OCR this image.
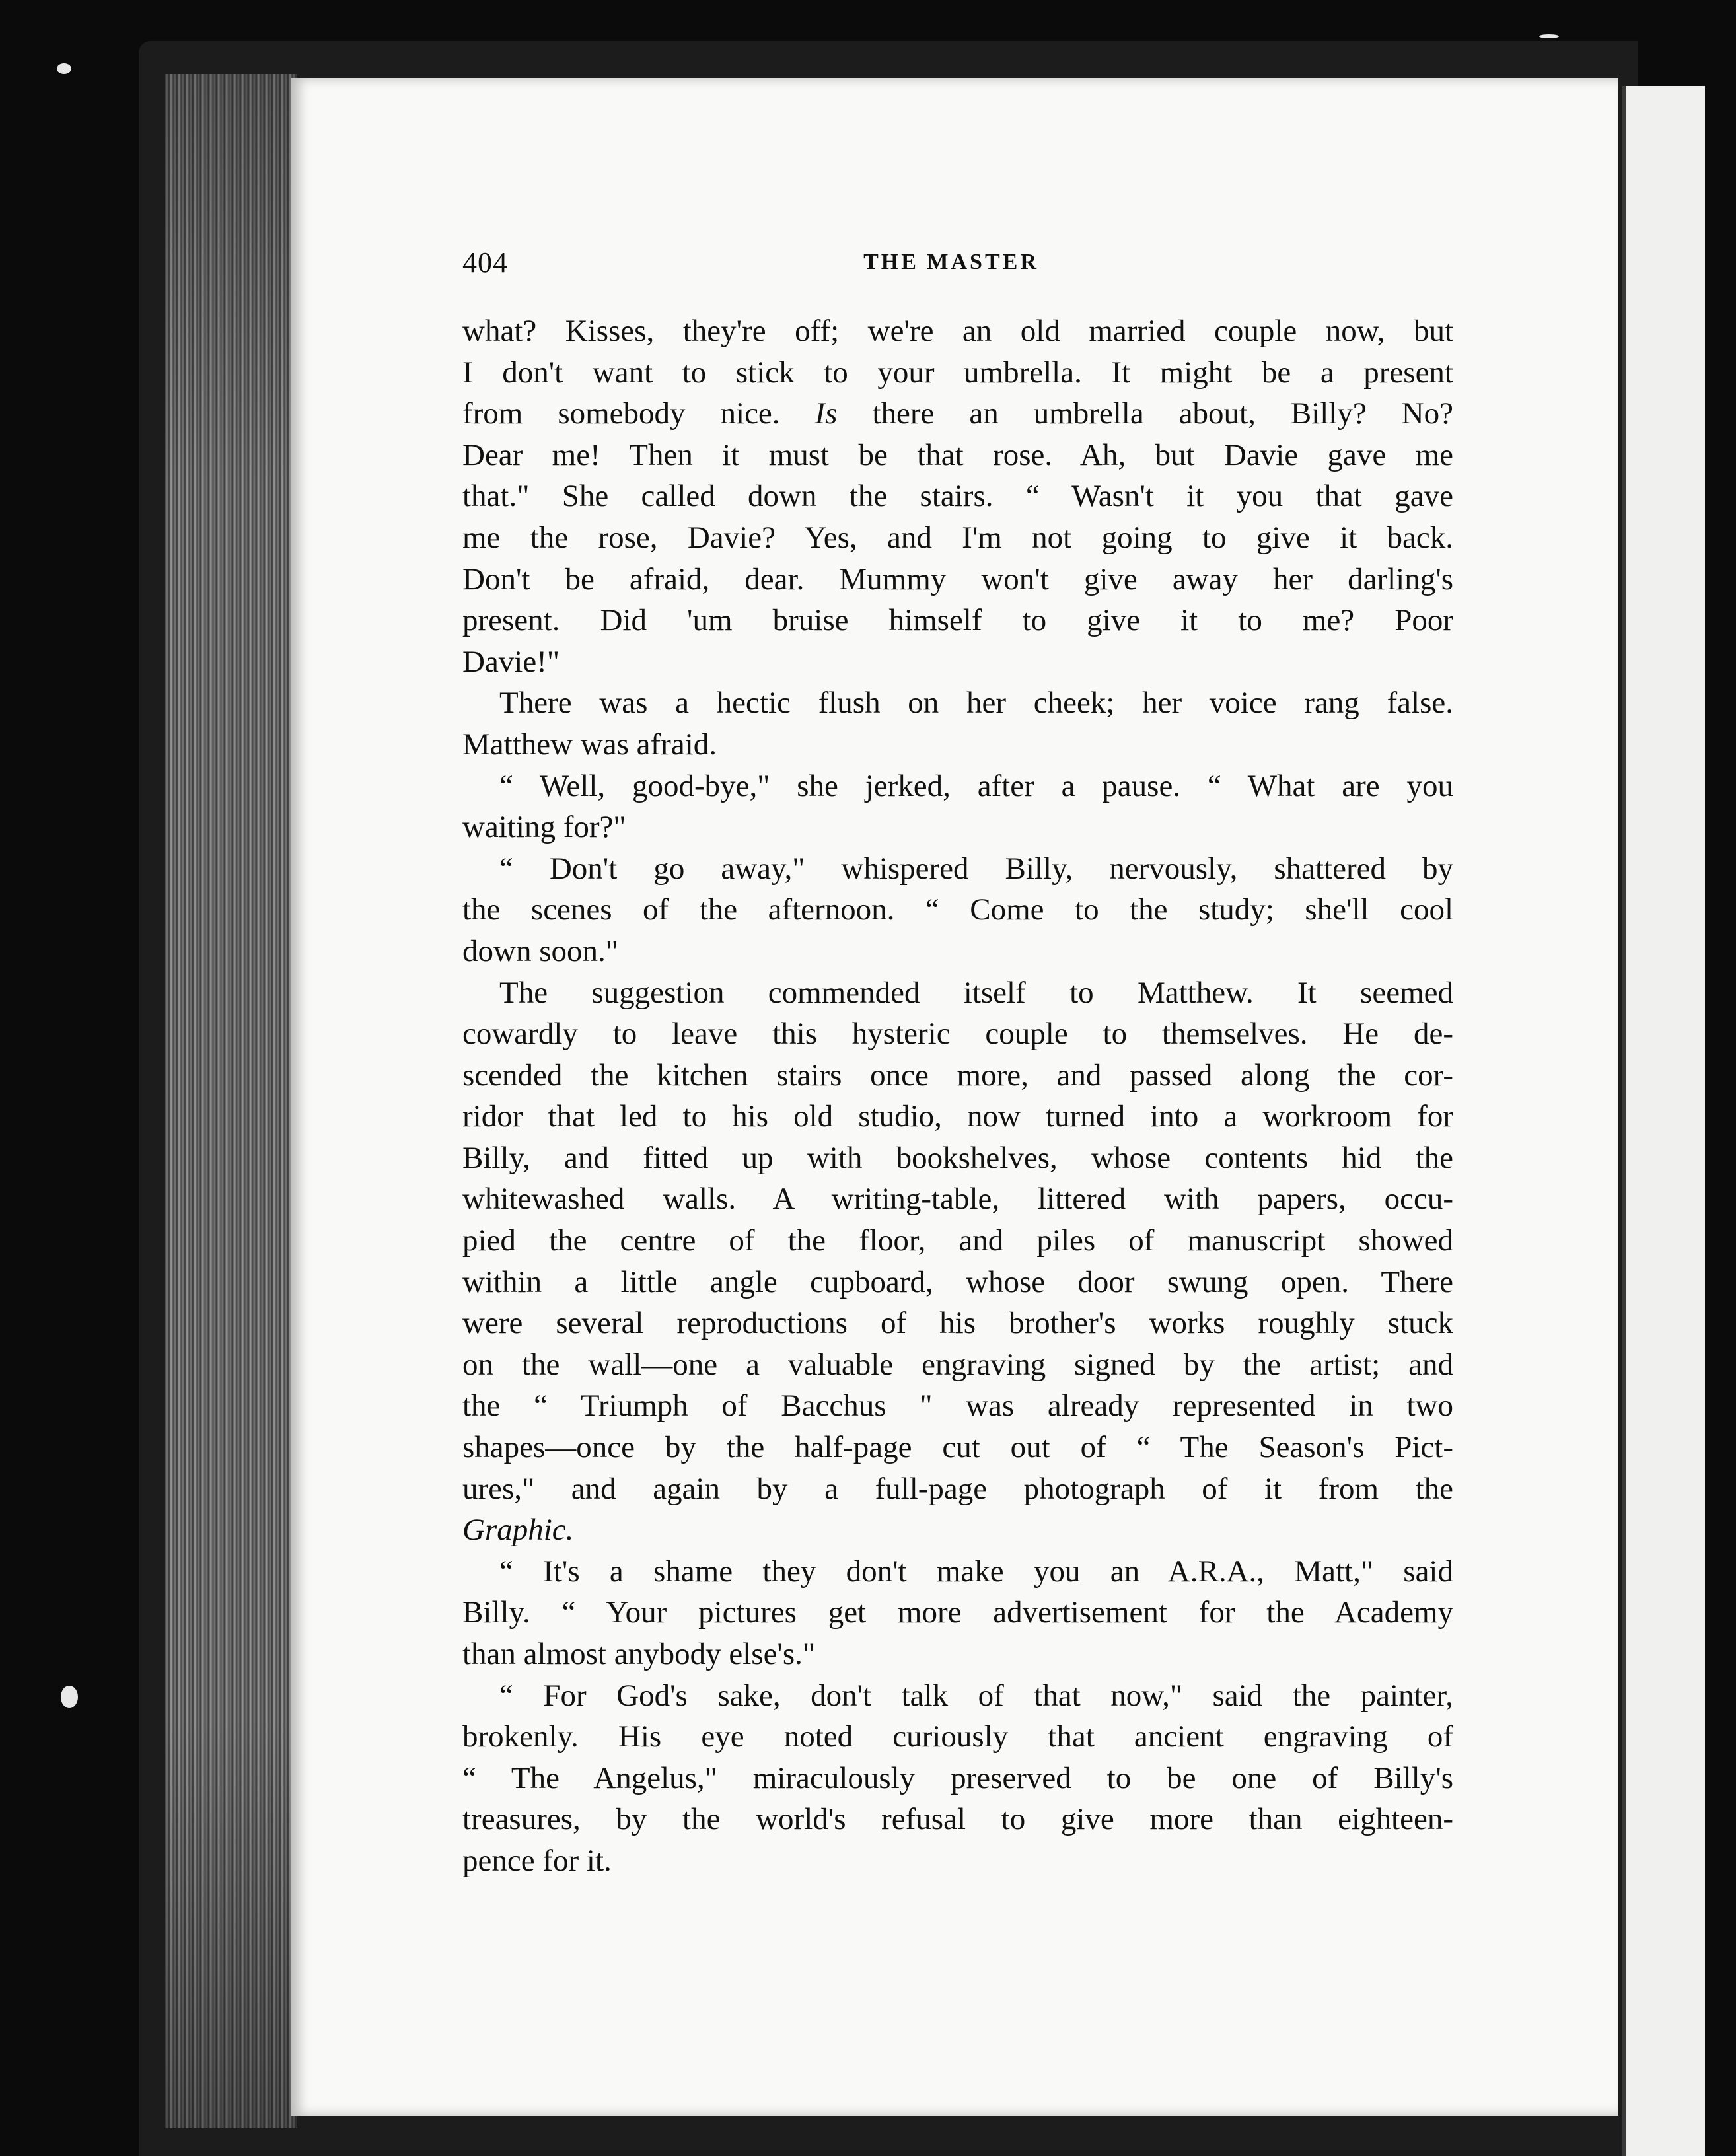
404	THE MASTER
what? Kisses, they're off; we're an old married couple now, but
I don't want to stick to your umbrella. It might be a present
from somebody nice. Is there an umbrella about, Billy? No?
Dear me! Then it must be that rose. Ah, but Davie gave me
that." She called down the stairs. “ Wasn't it you that gave
me the rose, Davie? Yes, and I'm not going to give it back.
Don't be afraid, dear. Mummy won't give away her darling's
present. Did 'um bruise himself to give it to me? Poor
Davie!"
There was a hectic flush on her cheek; her voice rang false.
Matthew was afraid.
“ Well, good-bye," she jerked, after a pause. “ What are you
waiting for?"
“ Don't go away," whispered Billy, nervously, shattered by
the scenes of the afternoon. “ Come to the study; she'll cool
down soon."
The suggestion commended itself to Matthew. It seemed
cowardly to leave this hysteric couple to themselves. He de-
scended the kitchen stairs once more, and passed along the cor-
ridor that led to his old studio, now turned into a workroom for
Billy, and fitted up with bookshelves, whose contents hid the
whitewashed walls. A writing-table, littered with papers, occu-
pied the centre of the floor, and piles of manuscript showed
within a little angle cupboard, whose door swung open. There
were several reproductions of his brother's works roughly stuck
on the wall—one a valuable engraving signed by the artist; and
the “ Triumph of Bacchus " was already represented in two
shapes—once by the half-page cut out of “ The Season's Pict-
ures," and again by a full-page photograph of it from the
Graphic.
“ It's a shame they don't make you an A.R.A., Matt," said
Billy. “ Your pictures get more advertisement for the Academy
than almost anybody else's."
“ For God's sake, don't talk of that now," said the painter,
brokenly. His eye noted curiously that ancient engraving of
“ The Angelus," miraculously preserved to be one of Billy's
treasures, by the world's refusal to give more than eighteen-
pence for it.
